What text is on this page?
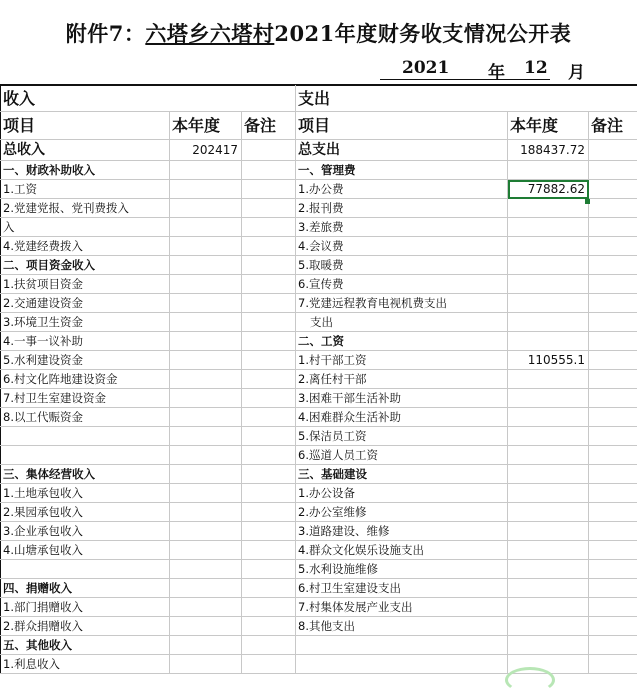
附件7：六塔乡六塔村2021年度财务收支情况公开表
2021 年 12 月
收入			支出		
项目	本年度	备注	项目	本年度	备注
总收入	202417		总支出	188437.72	
一、财政补助收入			一、管理费		
1.工资			1.办公费	77882.62	
2.党建党报、党刊费拨入			2.报刊费		
入			3.差旅费		
4.党建经费拨入			4.会议费		
二、项目资金收入			5.取暖费		
1.扶贫项目资金			6.宣传费		
2.交通建设资金			7.党建远程教育电视机费支出		
3.环境卫生资金			支出		
4.一事一议补助			二、工资		
5.水利建设资金			1.村干部工资	110555.1	
6.村文化阵地建设资金			2.离任村干部		
7.村卫生室建设资金			3.困难干部生活补助		
8.以工代赈资金			4.困难群众生活补助		
			5.保洁员工资		
			6.巡道人员工资		
三、集体经营收入			三、基础建设		
1.土地承包收入			1.办公设备		
2.果园承包收入			2.办公室维修		
3.企业承包收入			3.道路建设、维修		
4.山塘承包收入			4.群众文化娱乐设施支出		
			5.水利设施维修		
四、捐赠收入			6.村卫生室建设支出		
1.部门捐赠收入			7.村集体发展产业支出		
2.群众捐赠收入			8.其他支出		
五、其他收入					
1.利息收入					
